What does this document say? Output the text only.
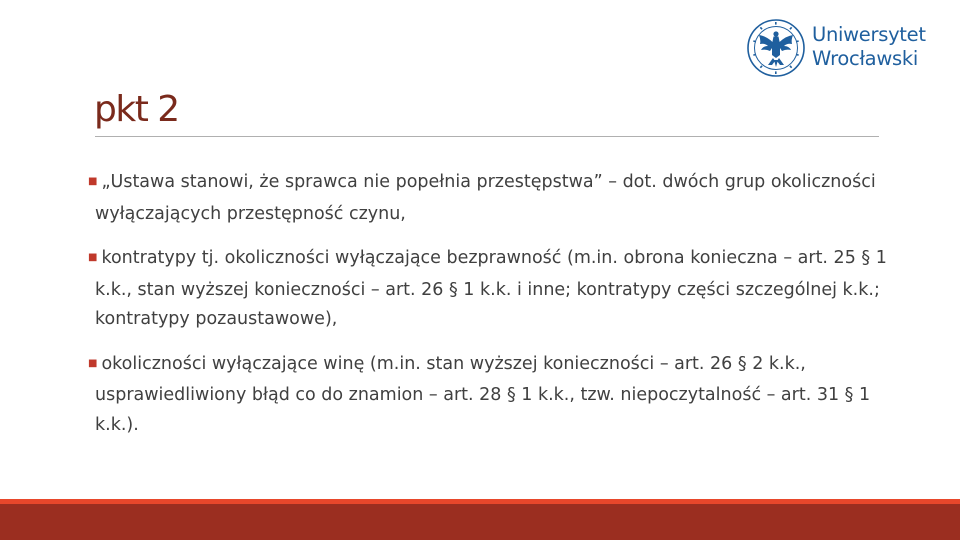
pkt 2
Uniwersytet
Wrocławski
■ „Ustawa stanowi, że sprawca nie popełnia przestępstwa” – dot. dwóch grup okoliczności wyłączających przestępność czynu,
■ kontratypy tj. okoliczności wyłączające bezprawność (m.in. obrona konieczna – art. 25 § 1 k.k., stan wyższej konieczności – art. 26 § 1 k.k. i inne; kontratypy części szczególnej k.k.; kontratypy pozaustawowe),
■ okoliczności wyłączające winę (m.in. stan wyższej konieczności – art. 26 § 2 k.k., usprawiedliwiony błąd co do znamion – art. 28 § 1 k.k., tzw. niepoczytalność – art. 31 § 1 k.k.).
